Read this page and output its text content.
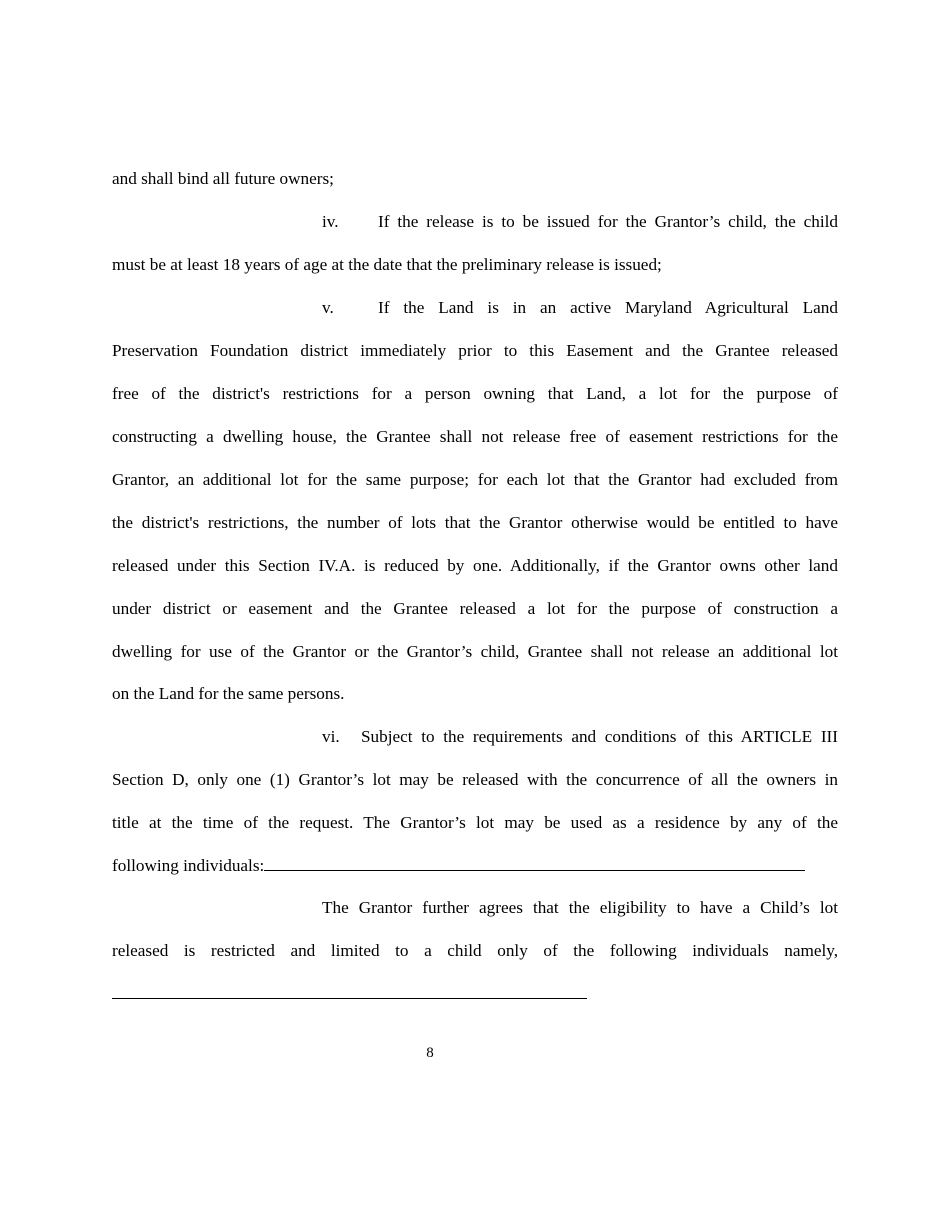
and shall bind all future owners;
iv. If the release is to be issued for the Grantor’s child, the child
must be at least 18 years of age at the date that the preliminary release is issued;
v.	If the Land is in an active Maryland Agricultural Land
Preservation Foundation district immediately prior to this Easement and the Grantee released
free of the district's restrictions for a person owning that Land, a lot for the purpose of
constructing a dwelling house, the Grantee shall not release free of easement restrictions for the
Grantor, an additional lot for the same purpose; for each lot that the Grantor had excluded from
the district's restrictions, the number of lots that the Grantor otherwise would be entitled to have
released under this Section IV.A. is reduced by one. Additionally, if the Grantor owns other land
under district or easement and the Grantee released a lot for the purpose of construction a
dwelling for use of the Grantor or the Grantor’s child, Grantee shall not release an additional lot
on the Land for the same persons.
vi. Subject to the requirements and conditions of this ARTICLE III
Section D, only one (1) Grantor’s lot may be released with the concurrence of all the owners in
title at the time of the request. The Grantor’s lot may be used as a residence by any of the
following individuals:
The Grantor further agrees that the eligibility to have a Child’s lot
released is restricted and limited to a child only of the following individuals namely,
8
